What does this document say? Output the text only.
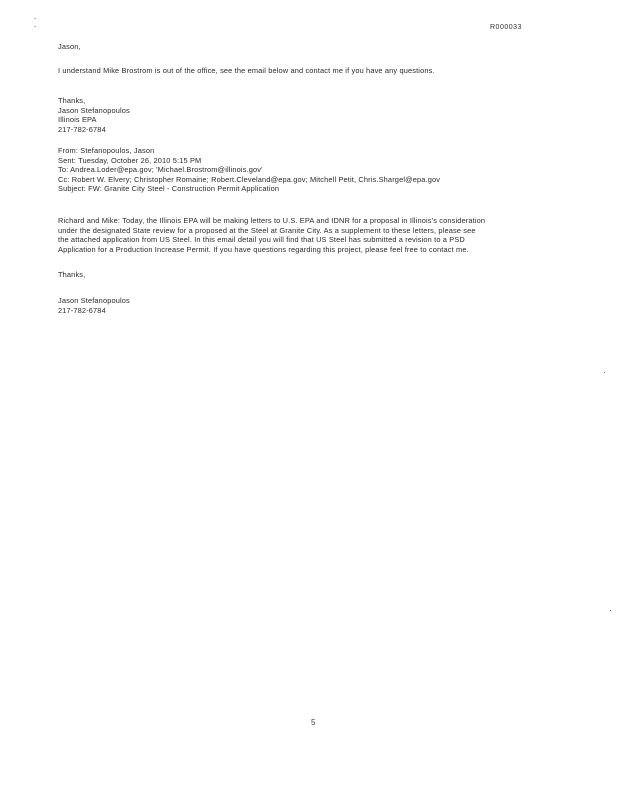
-
-	R000033
Jason,
I understand Mike Brostrom is out of the office, see the email below and contact me if you have any questions.
Thanks,
Jason Stefanopoulos
Illinois EPA
217-782-6784
From: Stefanopoulos, Jason
Sent: Tuesday, October 26, 2010 5:15 PM
To: Andrea.Loder@epa.gov; 'Michael.Brostrom@illinois.gov'
Cc: Robert W. Elvery; Christopher Romaine; Robert.Cleveland@epa.gov; Mitchell Petit, Chris.Shargel@epa.gov
Subject: FW: Granite City Steel - Construction Permit Application
Richard and Mike: Today, the Illinois EPA will be making letters to U.S. EPA and IDNR for a proposal in Illinois's consideration
under the designated State review for a proposed at the Steel at Granite City. As a supplement to these letters, please see
the attached application from US Steel. In this email detail you will find that US Steel has submitted a revision to a PSD
Application for a Production Increase Permit. If you have questions regarding this project, please feel free to contact me.
Thanks,
Jason Stefanopoulos
217-782-6784
5
